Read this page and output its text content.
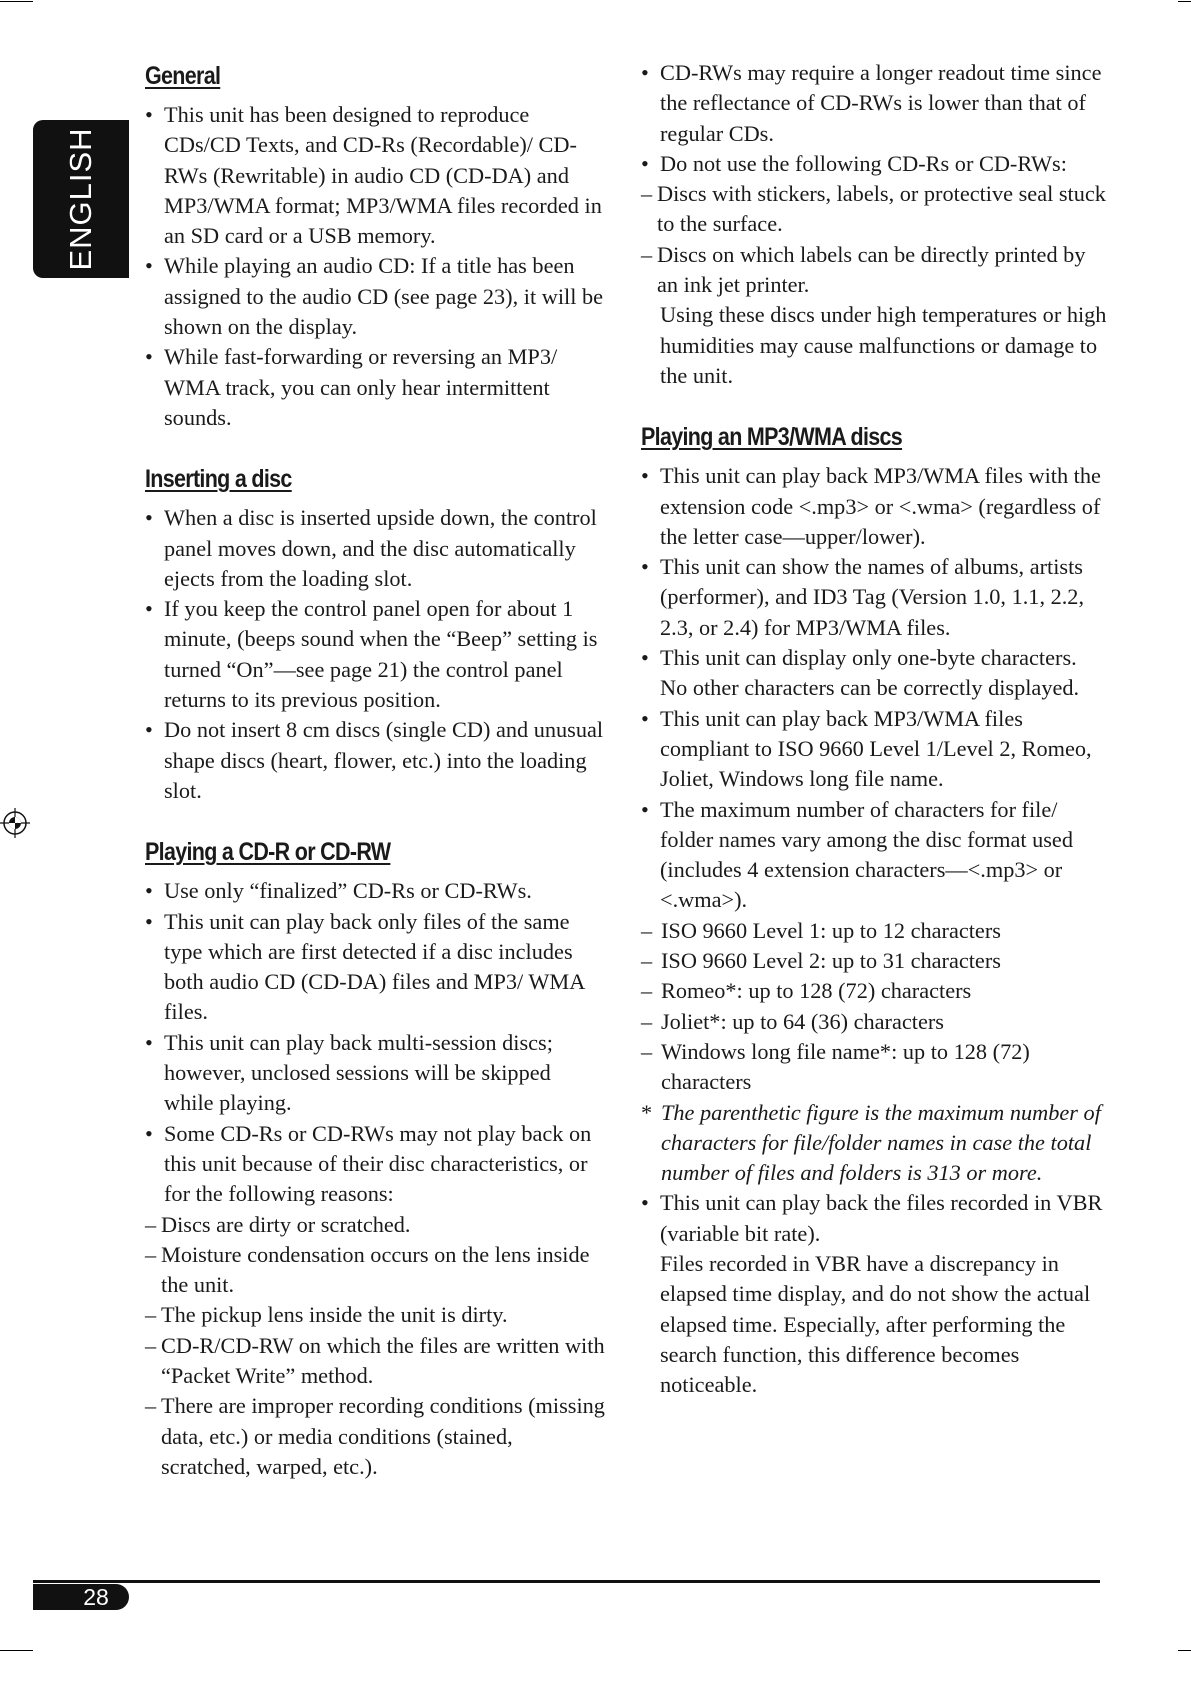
ENGLISH
General
• This unit has been designed to reproduce CDs/CD Texts, and CD-Rs (Recordable)/ CD-RWs (Rewritable) in audio CD (CD-DA) and MP3/WMA format; MP3/WMA files recorded in an SD card or a USB memory.
• While playing an audio CD: If a title has been assigned to the audio CD (see page 23), it will be shown on the display.
• While fast-forwarding or reversing an MP3/ WMA track, you can only hear intermittent sounds.
Inserting a disc
• When a disc is inserted upside down, the control panel moves down, and the disc automatically ejects from the loading slot.
• If you keep the control panel open for about 1 minute, (beeps sound when the “Beep” setting is turned “On”—see page 21) the control panel returns to its previous position.
• Do not insert 8 cm discs (single CD) and unusual shape discs (heart, flower, etc.) into the loading slot.
Playing a CD-R or CD-RW
• Use only “finalized” CD-Rs or CD-RWs.
• This unit can play back only files of the same type which are first detected if a disc includes both audio CD (CD-DA) files and MP3/ WMA files.
• This unit can play back multi-session discs; however, unclosed sessions will be skipped while playing.
• Some CD-Rs or CD-RWs may not play back on this unit because of their disc characteristics, or for the following reasons:
– Discs are dirty or scratched.
– Moisture condensation occurs on the lens inside the unit.
– The pickup lens inside the unit is dirty.
– CD-R/CD-RW on which the files are written with “Packet Write” method.
– There are improper recording conditions (missing data, etc.) or media conditions (stained, scratched, warped, etc.).
• CD-RWs may require a longer readout time since the reflectance of CD-RWs is lower than that of regular CDs.
• Do not use the following CD-Rs or CD-RWs:
– Discs with stickers, labels, or protective seal stuck to the surface.
– Discs on which labels can be directly printed by an ink jet printer.

Using these discs under high temperatures or high humidities may cause malfunctions or damage to the unit.

Playing an MP3/WMA discs
• This unit can play back MP3/WMA files with the extension code <.mp3> or <.wma> (regardless of the letter case—upper/lower).
• This unit can show the names of albums, artists (performer), and ID3 Tag (Version 1.0, 1.1, 2.2, 2.3, or 2.4) for MP3/WMA files.
• This unit can display only one-byte characters. No other characters can be correctly displayed.
• This unit can play back MP3/WMA files compliant to ISO 9660 Level 1/Level 2, Romeo, Joliet, Windows long file name.
• The maximum number of characters for file/ folder names vary among the disc format used (includes 4 extension characters—<.mp3> or <.wma>).
– ISO 9660 Level 1: up to 12 characters
– ISO 9660 Level 2: up to 31 characters
– Romeo*: up to 128 (72) characters
– Joliet*: up to 64 (36) characters
– Windows long file name*: up to 128 (72) characters
* The parenthetic figure is the maximum number of characters for file/folder names in case the total number of files and folders is 313 or more.
• This unit can play back the files recorded in VBR (variable bit rate).

Files recorded in VBR have a discrepancy in elapsed time display, and do not show the actual elapsed time. Especially, after performing the search function, this difference becomes noticeable.

28
